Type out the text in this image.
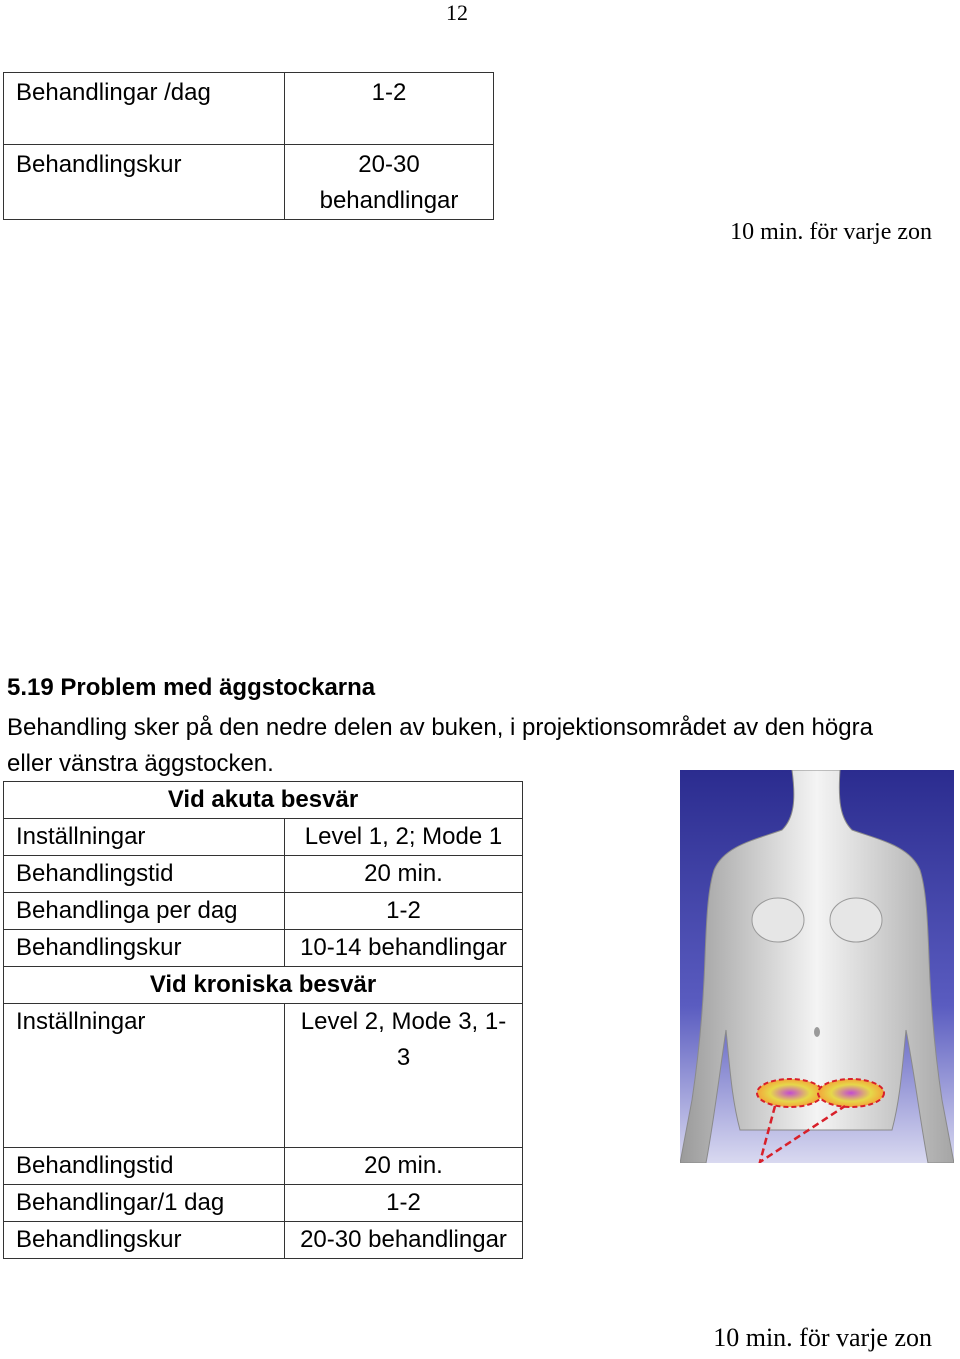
12
Behandlingar /dag	1-2
Behandlingskur	20-30 behandlingar
10 min. för varje zon
5.19 Problem med äggstockarna
Behandling sker på den nedre delen av buken, i projektionsområdet av den högra eller vänstra äggstocken.
Vid akuta besvär	
Inställningar	Level 1, 2; Mode 1
Behandlingstid	20 min.
Behandlinga per dag	1-2
Behandlingskur	10-14 behandlingar
Vid kroniska besvär	
Inställningar	Level 2, Mode 3, 1-3
Behandlingstid	20 min.
Behandlingar/1 dag	1-2
Behandlingskur	20-30 behandlingar
10 min. för varje zon
